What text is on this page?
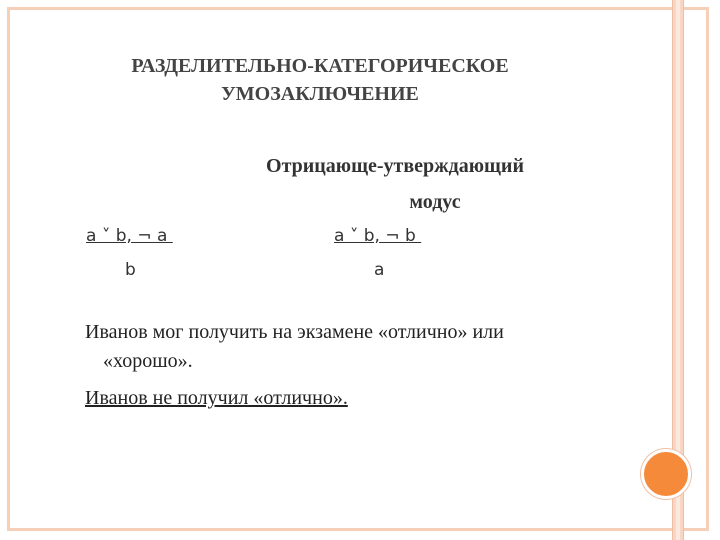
РАЗДЕЛИТЕЛЬНО-КАТЕГОРИЧЕСКОЕ
УМОЗАКЛЮЧЕНИЕ
Отрицающе-утверждающий
модус
a ˅ b, ¬ a
b
a ˅ b, ¬ b
a
Иванов мог получить на экзамене «отлично» или
«хорошо».
Иванов не получил «отлично».
